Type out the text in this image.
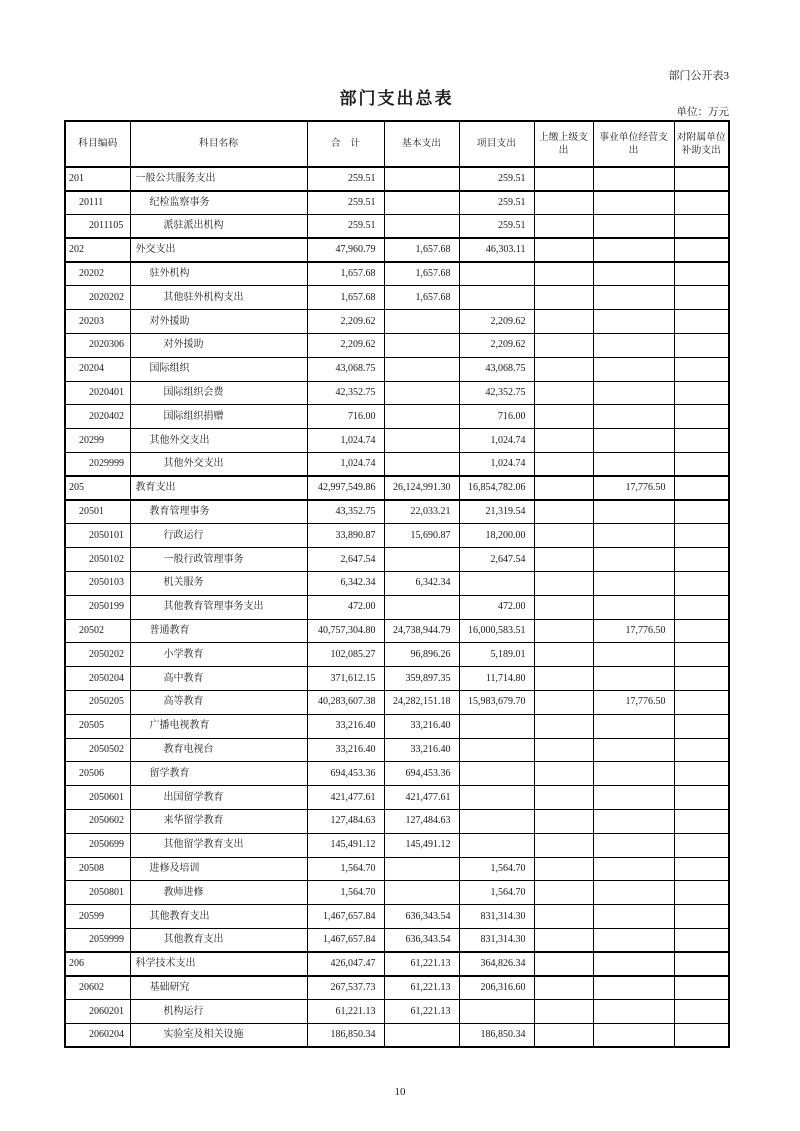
部门公开表3
部门支出总表
单位：万元
科目编码	科目名称	合　计	基本支出	项目支出	上缴上级支出	事业单位经营支出	对附属单位补助支出
201	一般公共服务支出	259.51		259.51			
20111	纪检监察事务	259.51		259.51			
2011105	派驻派出机构	259.51		259.51			
202	外交支出	47,960.79	1,657.68	46,303.11			
20202	驻外机构	1,657.68	1,657.68				
2020202	其他驻外机构支出	1,657.68	1,657.68				
20203	对外援助	2,209.62		2,209.62			
2020306	对外援助	2,209.62		2,209.62			
20204	国际组织	43,068.75		43,068.75			
2020401	国际组织会费	42,352.75		42,352.75			
2020402	国际组织捐赠	716.00		716.00			
20299	其他外交支出	1,024.74		1,024.74			
2029999	其他外交支出	1,024.74		1,024.74			
205	教育支出	42,997,549.86	26,124,991.30	16,854,782.06		17,776.50	
20501	教育管理事务	43,352.75	22,033.21	21,319.54			
2050101	行政运行	33,890.87	15,690.87	18,200.00			
2050102	一般行政管理事务	2,647.54		2,647.54			
2050103	机关服务	6,342.34	6,342.34				
2050199	其他教育管理事务支出	472.00		472.00			
20502	普通教育	40,757,304.80	24,738,944.79	16,000,583.51		17,776.50	
2050202	小学教育	102,085.27	96,896.26	5,189.01			
2050204	高中教育	371,612.15	359,897.35	11,714.80			
2050205	高等教育	40,283,607.38	24,282,151.18	15,983,679.70		17,776.50	
20505	广播电视教育	33,216.40	33,216.40				
2050502	教育电视台	33,216.40	33,216.40				
20506	留学教育	694,453.36	694,453.36				
2050601	出国留学教育	421,477.61	421,477.61				
2050602	来华留学教育	127,484.63	127,484.63				
2050699	其他留学教育支出	145,491.12	145,491.12				
20508	进修及培训	1,564.70		1,564.70			
2050801	教师进修	1,564.70		1,564.70			
20599	其他教育支出	1,467,657.84	636,343.54	831,314.30			
2059999	其他教育支出	1,467,657.84	636,343.54	831,314.30			
206	科学技术支出	426,047.47	61,221.13	364,826.34			
20602	基础研究	267,537.73	61,221.13	206,316.60			
2060201	机构运行	61,221.13	61,221.13				
2060204	实验室及相关设施	186,850.34		186,850.34			
10
